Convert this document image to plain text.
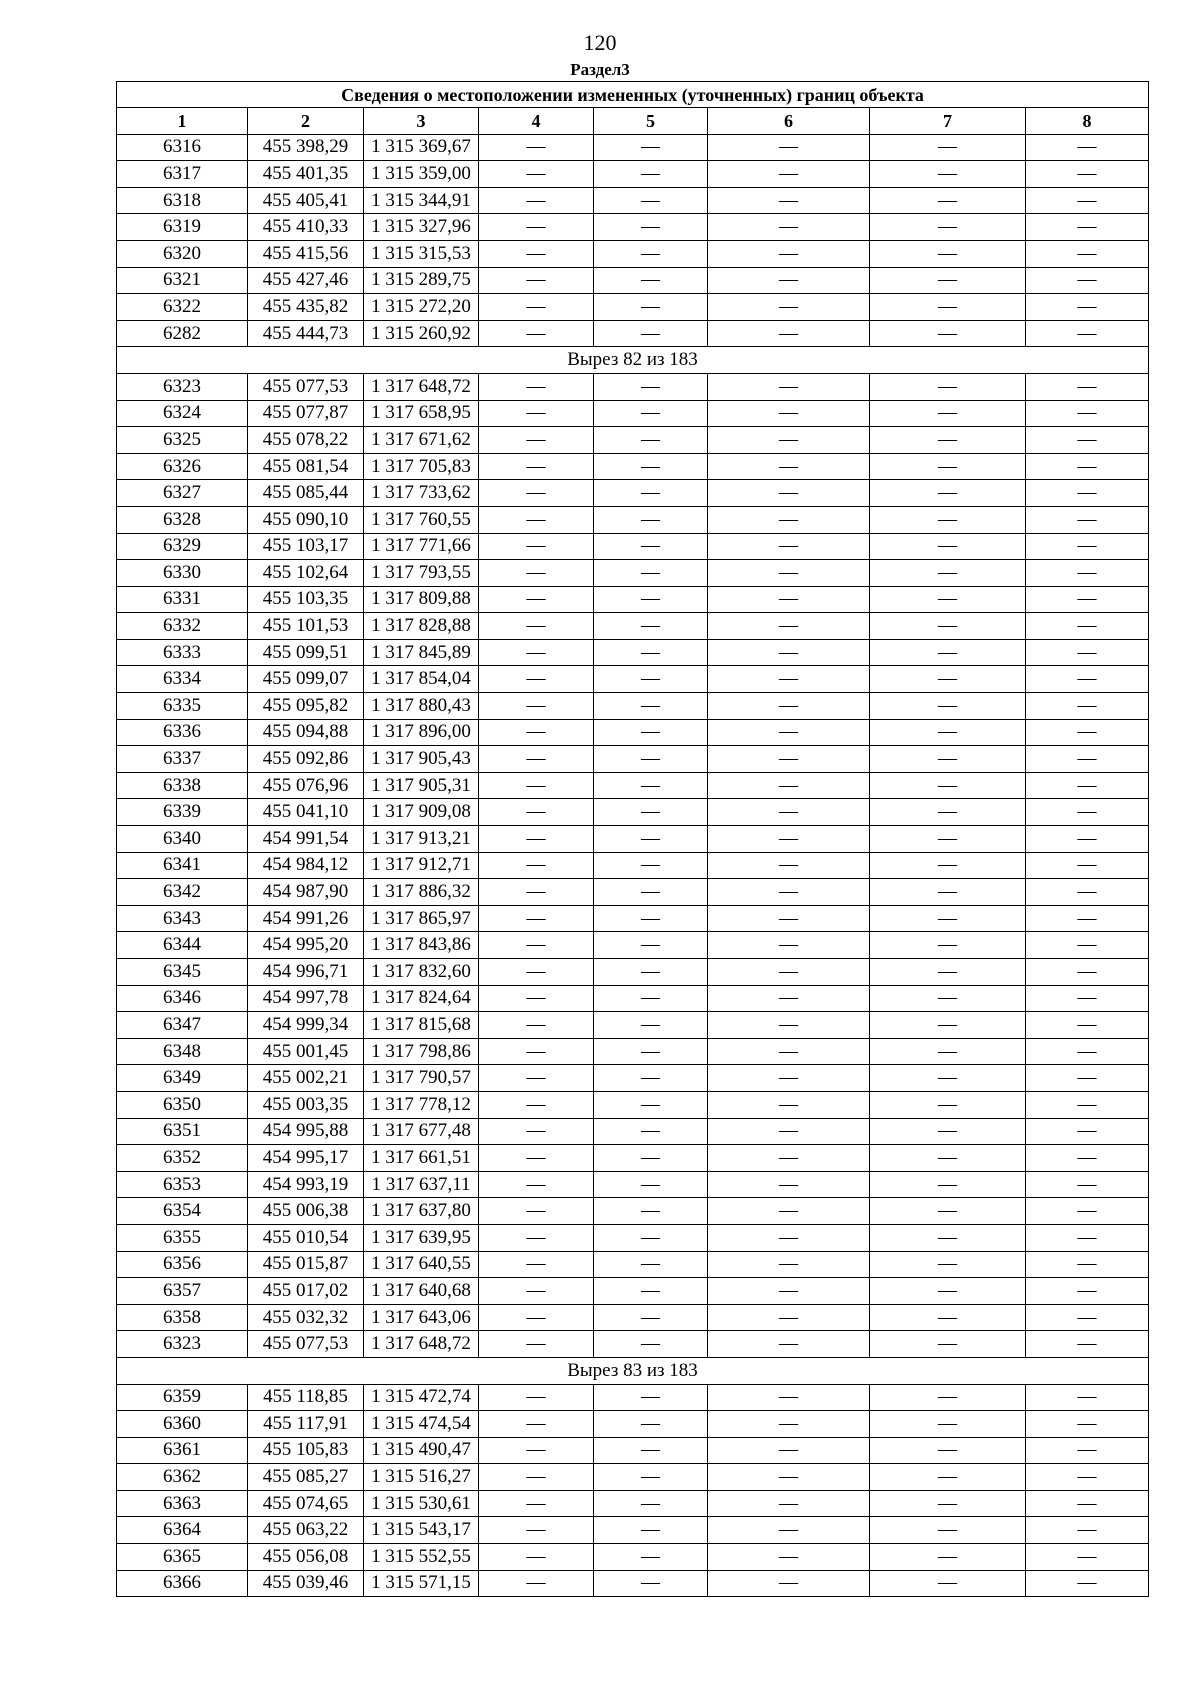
120
Раздел3
Сведения о местоположении измененных (уточненных) границ объекта							
1	2	3	4	5	6	7	8
6316	455 398,29	1 315 369,67	—	—	—	—	—
6317	455 401,35	1 315 359,00	—	—	—	—	—
6318	455 405,41	1 315 344,91	—	—	—	—	—
6319	455 410,33	1 315 327,96	—	—	—	—	—
6320	455 415,56	1 315 315,53	—	—	—	—	—
6321	455 427,46	1 315 289,75	—	—	—	—	—
6322	455 435,82	1 315 272,20	—	—	—	—	—
6282	455 444,73	1 315 260,92	—	—	—	—	—
Вырез 82 из 183							
6323	455 077,53	1 317 648,72	—	—	—	—	—
6324	455 077,87	1 317 658,95	—	—	—	—	—
6325	455 078,22	1 317 671,62	—	—	—	—	—
6326	455 081,54	1 317 705,83	—	—	—	—	—
6327	455 085,44	1 317 733,62	—	—	—	—	—
6328	455 090,10	1 317 760,55	—	—	—	—	—
6329	455 103,17	1 317 771,66	—	—	—	—	—
6330	455 102,64	1 317 793,55	—	—	—	—	—
6331	455 103,35	1 317 809,88	—	—	—	—	—
6332	455 101,53	1 317 828,88	—	—	—	—	—
6333	455 099,51	1 317 845,89	—	—	—	—	—
6334	455 099,07	1 317 854,04	—	—	—	—	—
6335	455 095,82	1 317 880,43	—	—	—	—	—
6336	455 094,88	1 317 896,00	—	—	—	—	—
6337	455 092,86	1 317 905,43	—	—	—	—	—
6338	455 076,96	1 317 905,31	—	—	—	—	—
6339	455 041,10	1 317 909,08	—	—	—	—	—
6340	454 991,54	1 317 913,21	—	—	—	—	—
6341	454 984,12	1 317 912,71	—	—	—	—	—
6342	454 987,90	1 317 886,32	—	—	—	—	—
6343	454 991,26	1 317 865,97	—	—	—	—	—
6344	454 995,20	1 317 843,86	—	—	—	—	—
6345	454 996,71	1 317 832,60	—	—	—	—	—
6346	454 997,78	1 317 824,64	—	—	—	—	—
6347	454 999,34	1 317 815,68	—	—	—	—	—
6348	455 001,45	1 317 798,86	—	—	—	—	—
6349	455 002,21	1 317 790,57	—	—	—	—	—
6350	455 003,35	1 317 778,12	—	—	—	—	—
6351	454 995,88	1 317 677,48	—	—	—	—	—
6352	454 995,17	1 317 661,51	—	—	—	—	—
6353	454 993,19	1 317 637,11	—	—	—	—	—
6354	455 006,38	1 317 637,80	—	—	—	—	—
6355	455 010,54	1 317 639,95	—	—	—	—	—
6356	455 015,87	1 317 640,55	—	—	—	—	—
6357	455 017,02	1 317 640,68	—	—	—	—	—
6358	455 032,32	1 317 643,06	—	—	—	—	—
6323	455 077,53	1 317 648,72	—	—	—	—	—
Вырез 83 из 183							
6359	455 118,85	1 315 472,74	—	—	—	—	—
6360	455 117,91	1 315 474,54	—	—	—	—	—
6361	455 105,83	1 315 490,47	—	—	—	—	—
6362	455 085,27	1 315 516,27	—	—	—	—	—
6363	455 074,65	1 315 530,61	—	—	—	—	—
6364	455 063,22	1 315 543,17	—	—	—	—	—
6365	455 056,08	1 315 552,55	—	—	—	—	—
6366	455 039,46	1 315 571,15	—	—	—	—	—
